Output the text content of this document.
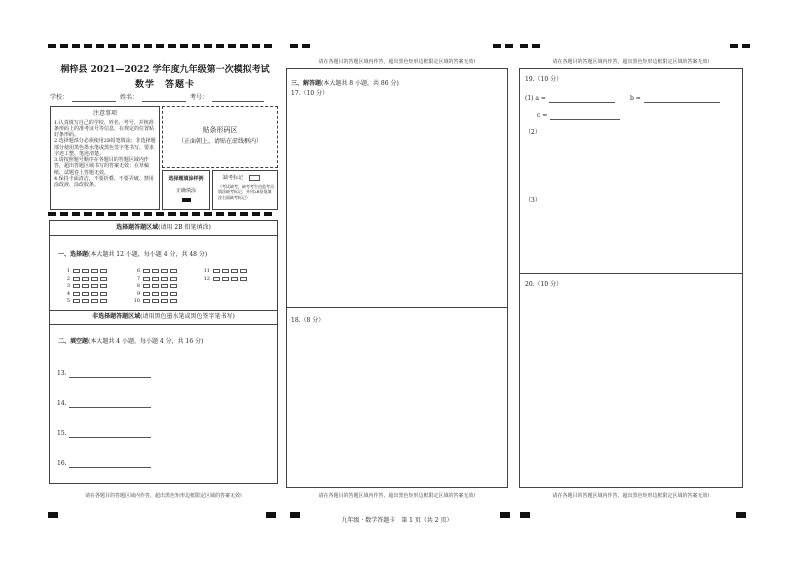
桐梓县 2021—2022 学年度九年级第一次模拟考试
数学　答题卡
学校：	姓名：	考号：
注意事项
1.认真填写自己的学校、姓名、考号，并核准条形码上的准考证号等信息，在规定的位置贴好条形码。
2.选择题部分必须使用2B铅笔填涂；非选择题部分使用黑色墨水笔或黑色签字笔书写，要求字迹工整、笔迹清楚。
3.请按照题号顺序在各题目的答题区域内作答，超出答题区域书写的答案无效；在草稿纸、试题卷上答题无效。
4.保持卡面清洁，不要折叠、不要弄破、禁用涂改液、涂改胶条。
贴条形码区
（正面朝上，请贴在虚线框内）
选择题填涂样例
正确填涂
缺考标记
（考试缺考，缺考考生由监考员填涂缺考标记，并用2B铅笔填涂右面缺考标记）
选择题答题区域(请用 2B 铅笔填涂)
一、选择题(本大题共 12 小题，每小题 4 分，共 48 分)
1
2
3
4
5
6
7
8
9
10
11
12
非选择题答题区域(请用黑色墨水笔或黑色签字笔书写)
二、填空题(本大题共 4 小题，每小题 4 分，共 16 分)
13.
14.
15.
16.
请在各题目的答题区域内作答，超出黑色矩形边框限定区域的答案无效!
请在各题目的答题区域内作答，超出黑色矩形边框限定区域的答案无效!
三、解答题(本大题共 8 小题，共 86 分)
17.（10 分）
18.（8 分）
请在各题目的答题区域内作答，超出黑色矩形边框限定区域的答案无效!
请在各题目的答题区域内作答，超出黑色矩形边框限定区域的答案无效!
19.（10 分）
(1) a =	b =
c =
（2）
（3）
20.（10 分）
请在各题目的答题区域内作答，超出黑色矩形边框限定区域的答案无效!
九年级 · 数学答题卡　第 1 页（共 2 页）
